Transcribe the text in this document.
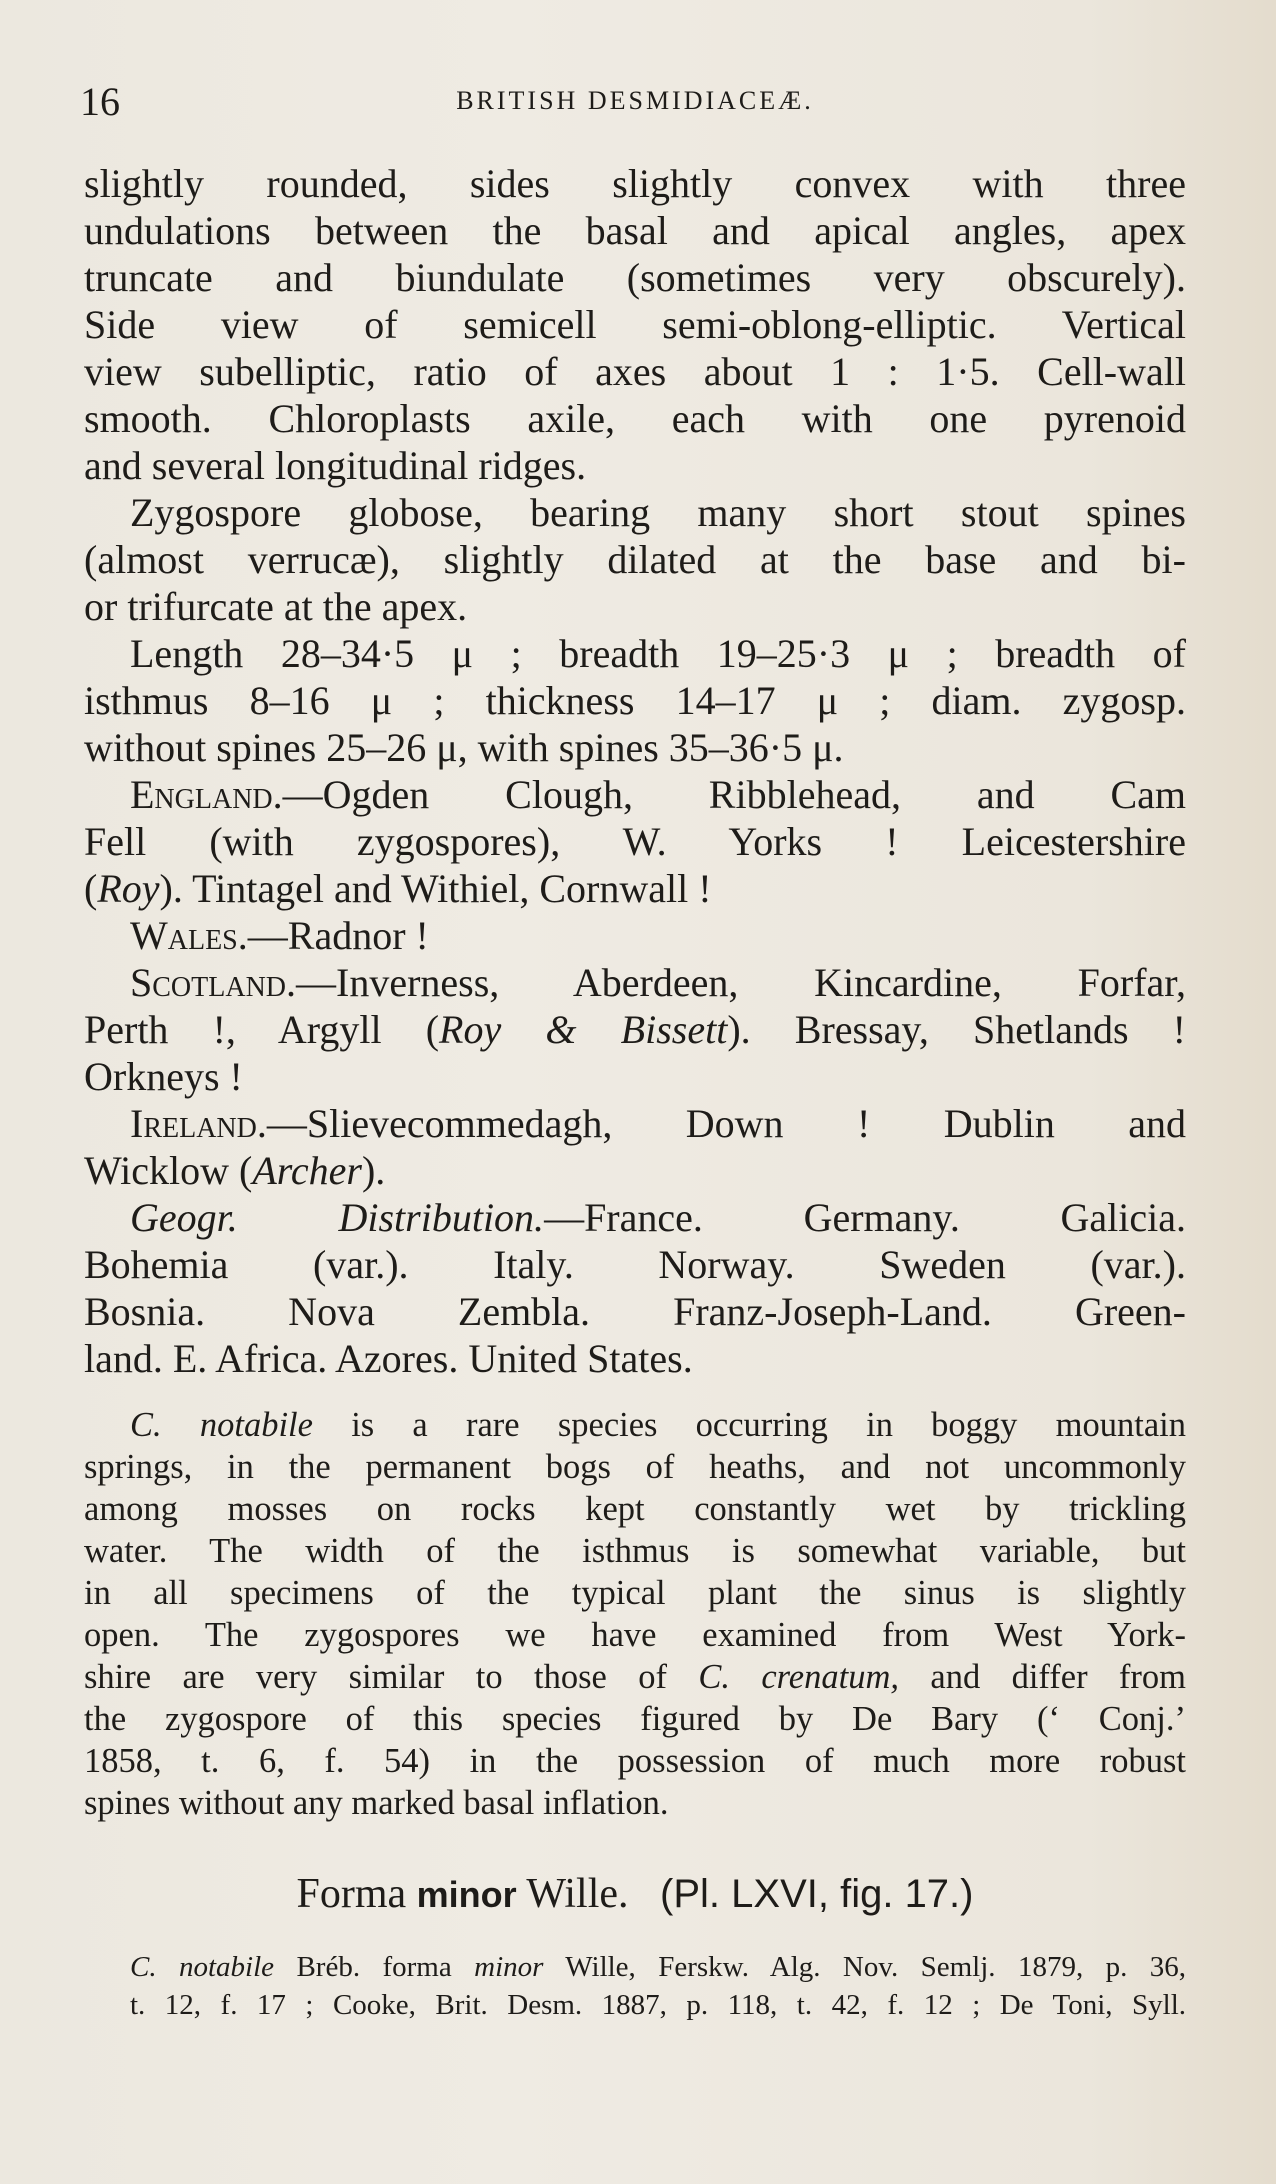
16	BRITISH DESMIDIACEÆ.
slightly rounded, sides slightly convex with three
undulations between the basal and apical angles, apex
truncate and biundulate (sometimes very obscurely).
Side view of semicell semi-oblong-elliptic. Vertical
view subelliptic, ratio of axes about 1 : 1·5. Cell-wall
smooth. Chloroplasts axile, each with one pyrenoid
and several longitudinal ridges.
Zygospore globose, bearing many short stout spines
(almost verrucæ), slightly dilated at the base and bi-
or trifurcate at the apex.
Length 28–34·5 μ ; breadth 19–25·3 μ ; breadth of
isthmus 8–16 μ ; thickness 14–17 μ ; diam. zygosp.
without spines 25–26 μ, with spines 35–36·5 μ.
England.—Ogden Clough, Ribblehead, and Cam
Fell (with zygospores), W. Yorks ! Leicestershire
(Roy). Tintagel and Withiel, Cornwall !
Wales.—Radnor !
Scotland.—Inverness, Aberdeen, Kincardine, Forfar,
Perth !, Argyll (Roy & Bissett). Bressay, Shetlands !
Orkneys !
Ireland.—Slievecommedagh, Down ! Dublin and
Wicklow (Archer).
Geogr. Distribution.—France. Germany. Galicia.
Bohemia (var.). Italy. Norway. Sweden (var.).
Bosnia. Nova Zembla. Franz-Joseph-Land. Green-
land. E. Africa. Azores. United States.
C. notabile is a rare species occurring in boggy mountain
springs, in the permanent bogs of heaths, and not uncommonly
among mosses on rocks kept constantly wet by trickling
water. The width of the isthmus is somewhat variable, but
in all specimens of the typical plant the sinus is slightly
open. The zygospores we have examined from West York-
shire are very similar to those of C. crenatum, and differ from
the zygospore of this species figured by De Bary (‘ Conj.’
1858, t. 6, f. 54) in the possession of much more robust
spines without any marked basal inflation.
Forma minor Wille. (Pl. LXVI, fig. 17.)
C. notabile Bréb. forma minor Wille, Ferskw. Alg. Nov. Semlj. 1879, p. 36,
t. 12, f. 17 ; Cooke, Brit. Desm. 1887, p. 118, t. 42, f. 12 ; De Toni, Syll.
